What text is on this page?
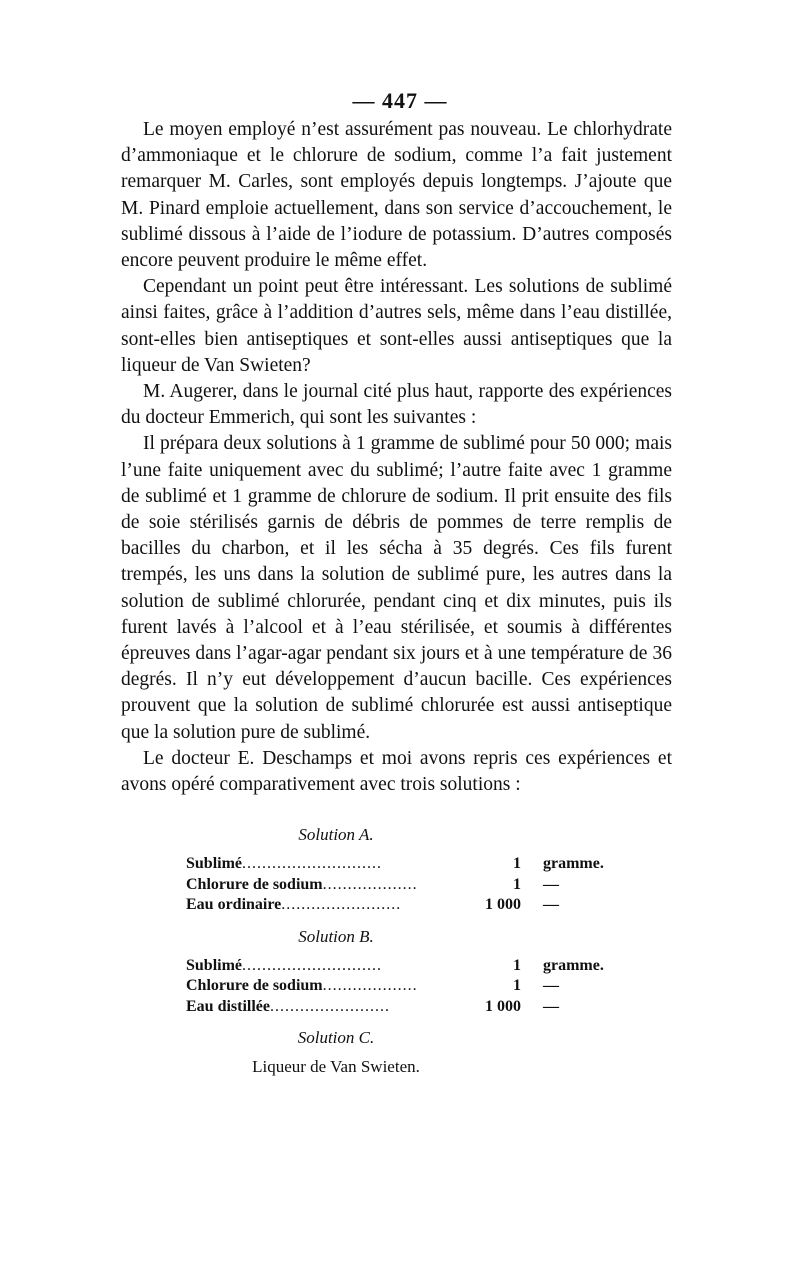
— 447 —

Le moyen employé n’est assurément pas nouveau. Le chlorhydrate d’ammoniaque et le chlorure de sodium, comme l’a fait justement remarquer M. Carles, sont employés depuis longtemps. J’ajoute que M. Pinard emploie actuellement, dans son service d’accouchement, le sublimé dissous à l’aide de l’iodure de potassium. D’autres composés encore peuvent produire le même effet.

Cependant un point peut être intéressant. Les solutions de sublimé ainsi faites, grâce à l’addition d’autres sels, même dans l’eau distillée, sont-elles bien antiseptiques et sont-elles aussi antiseptiques que la liqueur de Van Swieten?

M. Augerer, dans le journal cité plus haut, rapporte des expériences du docteur Emmerich, qui sont les suivantes :

Il prépara deux solutions à 1 gramme de sublimé pour 50 000; mais l’une faite uniquement avec du sublimé; l’autre faite avec 1 gramme de sublimé et 1 gramme de chlorure de sodium. Il prit ensuite des fils de soie stérilisés garnis de débris de pommes de terre remplis de bacilles du charbon, et il les sécha à 35 degrés. Ces fils furent trempés, les uns dans la solution de sublimé pure, les autres dans la solution de sublimé chlorurée, pendant cinq et dix minutes, puis ils furent lavés à l’alcool et à l’eau stérilisée, et soumis à différentes épreuves dans l’agar-agar pendant six jours et à une température de 36 degrés. Il n’y eut développement d’aucun bacille. Ces expériences prouvent que la solution de sublimé chlorurée est aussi antiseptique que la solution pure de sublimé.

Le docteur E. Deschamps et moi avons repris ces expériences et avons opéré comparativement avec trois solutions :

Solution A.
Sublimé............................	1	gramme.
Chlorure de sodium...................	1	—
Eau ordinaire........................	1 000	—
Solution B.
Sublimé............................	1	gramme.
Chlorure de sodium...................	1	—
Eau distillée........................	1 000	—
Solution C.
Liqueur de Van Swieten.
